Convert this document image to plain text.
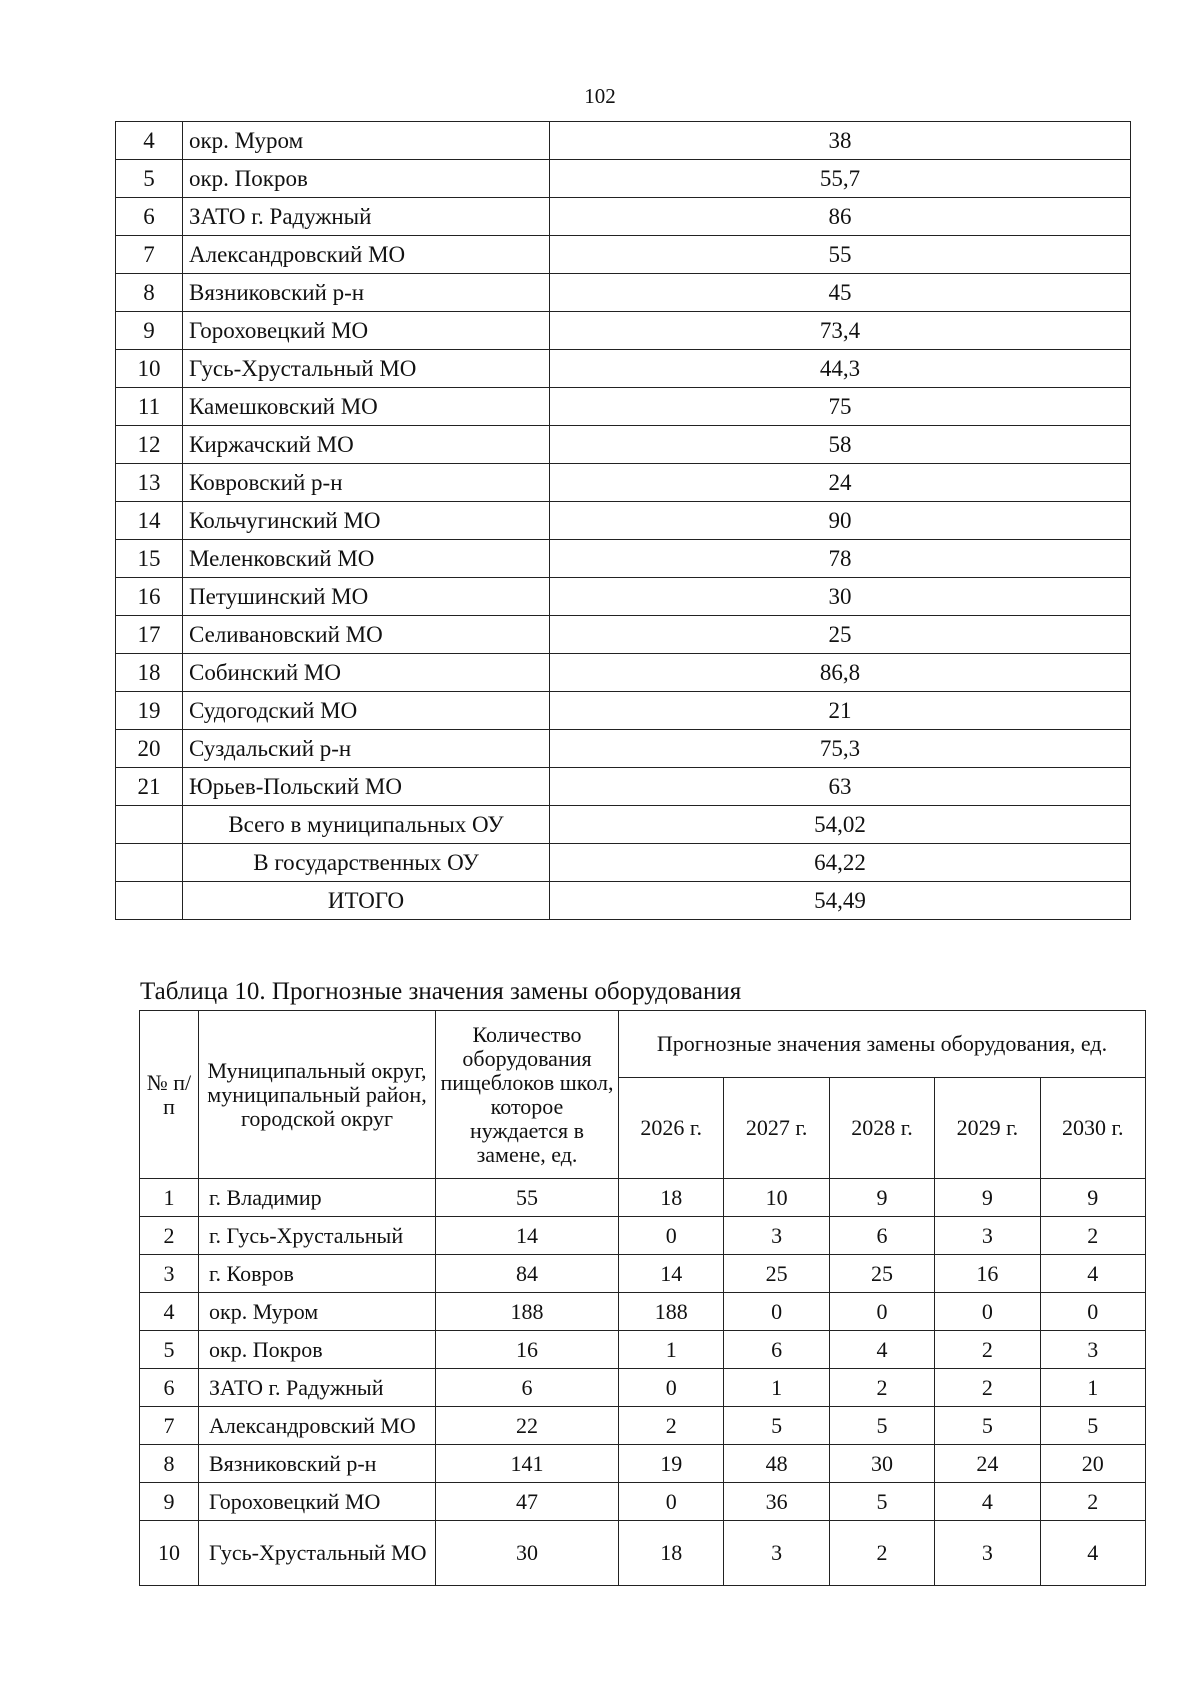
102
4	окр. Муром	38
5	окр. Покров	55,7
6	ЗАТО г. Радужный	86
7	Александровский МО	55
8	Вязниковский р-н	45
9	Гороховецкий МО	73,4
10	Гусь-Хрустальный МО	44,3
11	Камешковский МО	75
12	Киржачский МО	58
13	Ковровский р-н	24
14	Кольчугинский МО	90
15	Меленковский МО	78
16	Петушинский МО	30
17	Селивановский МО	25
18	Собинский МО	86,8
19	Судогодский МО	21
20	Суздальский р-н	75,3
21	Юрьев-Польский МО	63
	Всего в муниципальных ОУ	54,02
	В государственных ОУ	64,22
	ИТОГО	54,49
Таблица 10. Прогнозные значения замены оборудования
№ п/п	Муниципальный округ, муниципальный район, городской округ	Количество оборудования пищеблоков школ, которое нуждается в замене, ед.	Прогнозные значения замены оборудования, ед.				
			2026 г.	2027 г.	2028 г.	2029 г.	2030 г.
1	г. Владимир	55	18	10	9	9	9
2	г. Гусь-Хрустальный	14	0	3	6	3	2
3	г. Ковров	84	14	25	25	16	4
4	окр. Муром	188	188	0	0	0	0
5	окр. Покров	16	1	6	4	2	3
6	ЗАТО г. Радужный	6	0	1	2	2	1
7	Александровский МО	22	2	5	5	5	5
8	Вязниковский р-н	141	19	48	30	24	20
9	Гороховецкий МО	47	0	36	5	4	2
10	Гусь-Хрустальный МО	30	18	3	2	3	4
